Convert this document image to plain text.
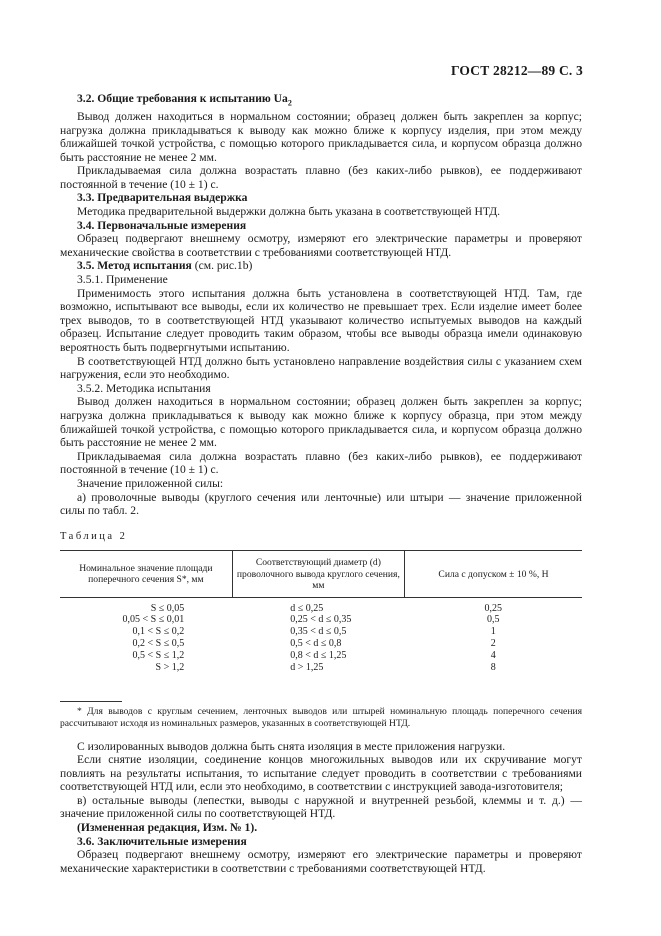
ГОСТ 28212—89 С. 3

3.2. Общие требования к испытанию $Ua_2$

Вывод должен находиться в нормальном состоянии; образец должен быть закреплен за корпус; нагрузка должна прикладываться к выводу как можно ближе к корпусу изделия, при этом между ближайшей точкой устройства, с помощью которого прикладывается сила, и корпусом образца должно быть расстояние не менее 2 мм.

Прикладываемая сила должна возрастать плавно (без каких-либо рывков), ее поддерживают постоянной в течение (10 ± 1) с.

3.3. Предварительная выдержка

Методика предварительной выдержки должна быть указана в соответствующей НТД.

3.4. Первоначальные измерения

Образец подвергают внешнему осмотру, измеряют его электрические параметры и проверяют механические свойства в соответствии с требованиями соответствующей НТД.

3.5. Метод испытания (см. рис.1b)

3.5.1. Применение

Применимость этого испытания должна быть установлена в соответствующей НТД. Там, где возможно, испытывают все выводы, если их количество не превышает трех. Если изделие имеет более трех выводов, то в соответствующей НТД указывают количество испытуемых выводов на каждый образец. Испытание следует проводить таким образом, чтобы все выводы образца имели одинаковую вероятность быть подвергнутыми испытанию.

В соответствующей НТД должно быть установлено направление воздействия силы с указанием схем нагружения, если это необходимо.

3.5.2. Методика испытания

Вывод должен находиться в нормальном состоянии; образец должен быть закреплен за корпус; нагрузка должна прикладываться к выводу как можно ближе к корпусу образца, при этом между ближайшей точкой устройства, с помощью которого прикладывается сила, и корпусом образца должно быть расстояние не менее 2 мм.

Прикладываемая сила должна возрастать плавно (без каких-либо рывков), ее поддерживают постоянной в течение (10 ± 1) с.

Значение приложенной силы:

а) проволочные выводы (круглого сечения или ленточные) или штыри — значение приложенной силы по табл. 2.

Таблица 2

Номинальное значение площади поперечного сечения S*, мм	Соответствующий диаметр (d) проволочного вывода круглого сечения, мм	Сила с допуском ± 10 %, Н
S ≤ 0,05	d ≤ 0,25	0,25
0,05 < S ≤ 0,01	0,25 < d ≤ 0,35	0,5
0,1 < S ≤ 0,2	0,35 < d ≤ 0,5	1
0,2 < S ≤ 0,5	0,5 < d ≤ 0,8	2
0,5 < S ≤ 1,2	0,8 < d ≤ 1,25	4
S > 1,2	d > 1,25	8

* Для выводов с круглым сечением, ленточных выводов или штырей номинальную площадь поперечного сечения рассчитывают исходя из номинальных размеров, указанных в соответствующей НТД.

С изолированных выводов должна быть снята изоляция в месте приложения нагрузки.

Если снятие изоляции, соединение концов многожильных выводов или их скручивание могут повлиять на результаты испытания, то испытание следует проводить в соответствии с требованиями соответствующей НТД или, если это необходимо, в соответствии с инструкцией завода-изготовителя;

в) остальные выводы (лепестки, выводы с наружной и внутренней резьбой, клеммы и т. д.) — значение приложенной силы по соответствующей НТД.

(Измененная редакция, Изм. № 1).

3.6. Заключительные измерения

Образец подвергают внешнему осмотру, измеряют его электрические параметры и проверяют механические характеристики в соответствии с требованиями соответствующей НТД.
